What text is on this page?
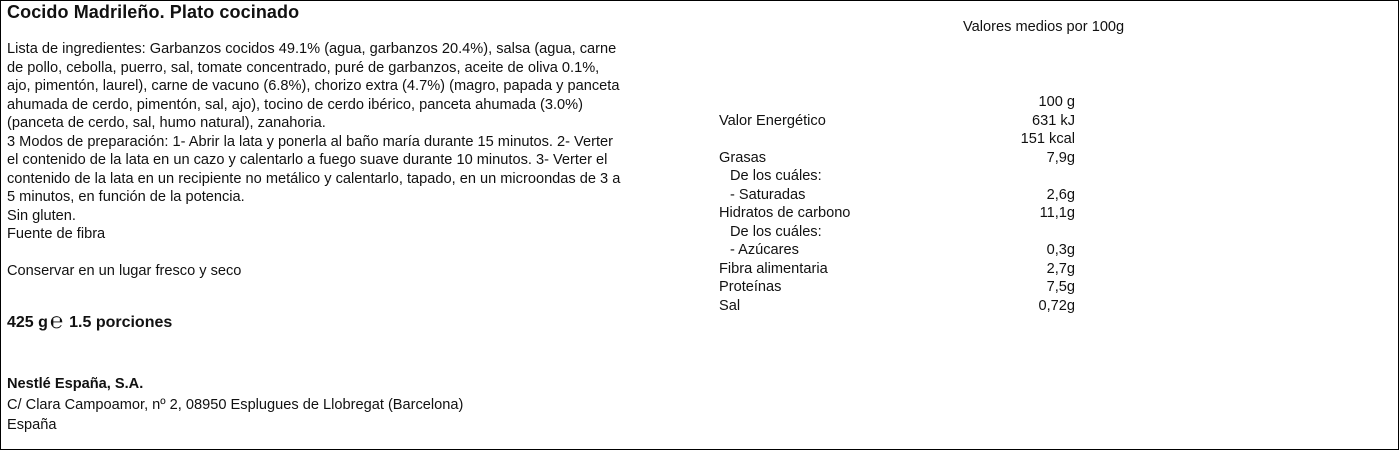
Cocido Madrileño. Plato cocinado

Lista de ingredientes: Garbanzos cocidos 49.1% (agua, garbanzos 20.4%), salsa (agua, carne

de pollo, cebolla, puerro, sal, tomate concentrado, puré de garbanzos, aceite de oliva 0.1%,

ajo, pimentón, laurel), carne de vacuno (6.8%), chorizo extra (4.7%) (magro, papada y panceta

ahumada de cerdo, pimentón, sal, ajo), tocino de cerdo ibérico, panceta ahumada (3.0%)

(panceta de cerdo, sal, humo natural), zanahoria.

3 Modos de preparación: 1- Abrir la lata y ponerla al baño maría durante 15 minutos. 2- Verter

el contenido de la lata en un cazo y calentarlo a fuego suave durante 10 minutos. 3- Verter el

contenido de la lata en un recipiente no metálico y calentarlo, tapado, en un microondas de 3 a

5 minutos, en función de la potencia.

Sin gluten.

Fuente de fibra

Conservar en un lugar fresco y seco

425 g℮ 1.5 porciones
Nestlé España, S.A.
C/ Clara Campoamor, nº 2, 08950 Esplugues de Llobregat (Barcelona)
España
Valores medios por 100g
100 g
Valor Energético	631 kJ
151 kcal
Grasas	7,9g
De los cuáles:
- Saturadas	2,6g
Hidratos de carbono	11,1g
De los cuáles:
- Azúcares	0,3g
Fibra alimentaria	2,7g
Proteínas	7,5g
Sal	0,72g
